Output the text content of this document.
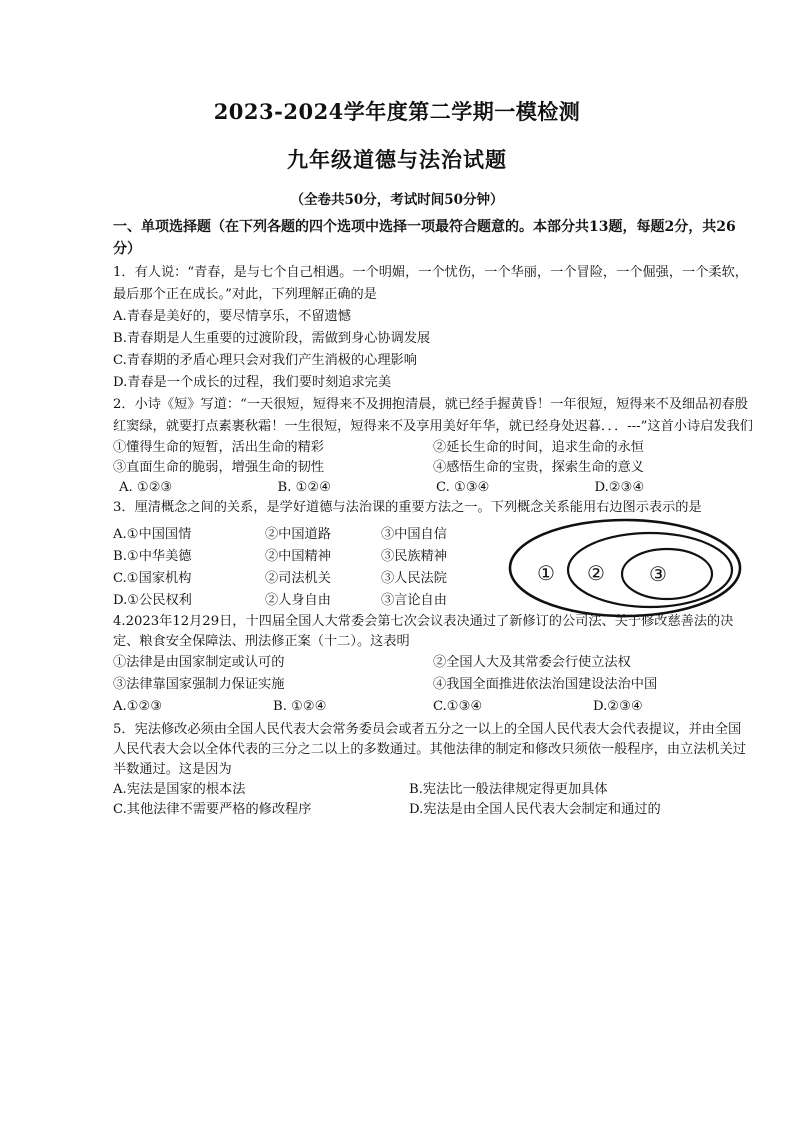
2023-2024学年度第二学期一模检测
九年级道德与法治试题
（全卷共50分，考试时间50分钟）

一、单项选择题（在下列各题的四个选项中选择一项最符合题意的。本部分共13题，每题2分，共26分）

1．有人说：“青春，是与七个自己相遇。一个明媚，一个忧伤，一个华丽，一个冒险，一个倔强，一个柔软，最后那个正在成长。”对此，下列理解正确的是

A.青春是美好的，要尽情享乐，不留遗憾

B.青春期是人生重要的过渡阶段，需做到身心协调发展

C.青春期的矛盾心理只会对我们产生消极的心理影响

D.青春是一个成长的过程，我们要时刻追求完美

2．小诗《短》写道：“一天很短，短得来不及拥抱清晨，就已经手握黄昏！一年很短，短得来不及细品初春殷红窦绿，就要打点素裹秋霜！一生很短，短得来不及享用美好年华，就已经身处迟暮．．．---”这首小诗启发我们

①懂得生命的短暂，活出生命的精彩	②延长生命的时间，追求生命的永恒
③直面生命的脆弱，增强生命的韧性	④感悟生命的宝贵，探索生命的意义
A. ①②③	B. ①②④	C. ①③④	D.②③④

3．厘清概念之间的关系，是学好道德与法治课的重要方法之一。下列概念关系能用右边图示表示的是

A.①中国国情	②中国道路	③中国自信
B.①中华美德	②中国精神	③民族精神
C.①国家机构	②司法机关	③人民法院
D.①公民权利	②人身自由	③言论自由
① ② ③

4.2023年12月29日，十四届全国人大常委会第七次会议表决通过了新修订的公司法、关于修改慈善法的决定、粮食安全保障法、刑法修正案（十二）。这表明

①法律是由国家制定或认可的	②全国人大及其常委会行使立法权
③法律靠国家强制力保证实施	④我国全面推进依法治国建设法治中国
A.①②③	B. ①②④	C.①③④	D.②③④

5．宪法修改必须由全国人民代表大会常务委员会或者五分之一以上的全国人民代表大会代表提议，并由全国人民代表大会以全体代表的三分之二以上的多数通过。其他法律的制定和修改只须依一般程序，由立法机关过半数通过。这是因为

A.宪法是国家的根本法	B.宪法比一般法律规定得更加具体
C.其他法律不需要严格的修改程序	D.宪法是由全国人民代表大会制定和通过的
